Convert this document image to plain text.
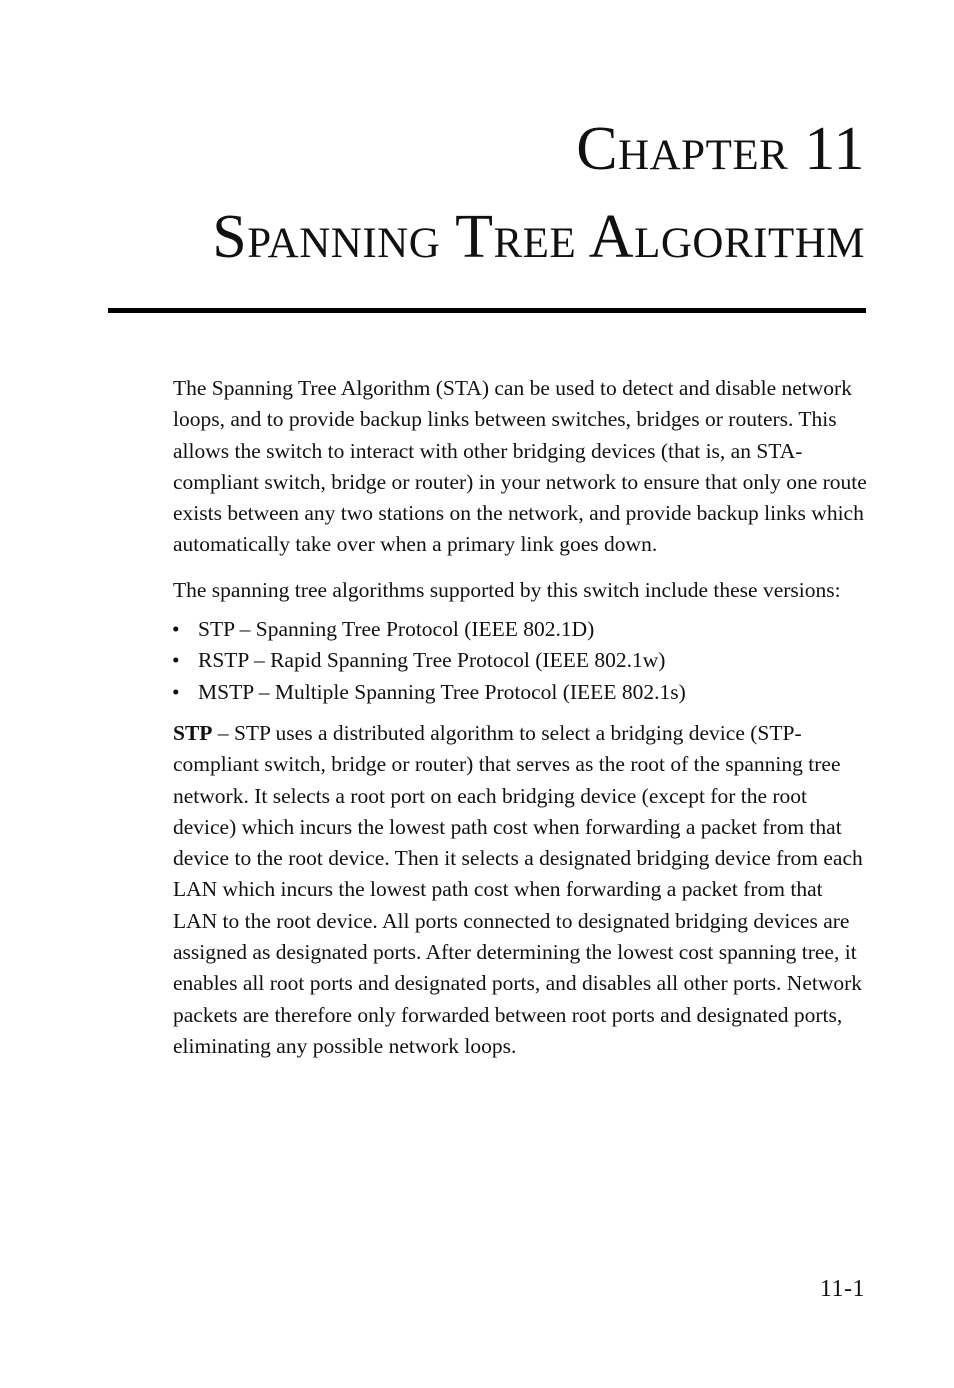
Chapter 11
Spanning Tree Algorithm

The Spanning Tree Algorithm (STA) can be used to detect and disable network loops, and to provide backup links between switches, bridges or routers. This allows the switch to interact with other bridging devices (that is, an STA-compliant switch, bridge or router) in your network to ensure that only one route exists between any two stations on the network, and provide backup links which automatically take over when a primary link goes down.

The spanning tree algorithms supported by this switch include these versions:

• STP – Spanning Tree Protocol (IEEE 802.1D)
• RSTP – Rapid Spanning Tree Protocol (IEEE 802.1w)
• MSTP – Multiple Spanning Tree Protocol (IEEE 802.1s)

STP – STP uses a distributed algorithm to select a bridging device (STP-compliant switch, bridge or router) that serves as the root of the spanning tree network. It selects a root port on each bridging device (except for the root device) which incurs the lowest path cost when forwarding a packet from that device to the root device. Then it selects a designated bridging device from each LAN which incurs the lowest path cost when forwarding a packet from that LAN to the root device. All ports connected to designated bridging devices are assigned as designated ports. After determining the lowest cost spanning tree, it enables all root ports and designated ports, and disables all other ports. Network packets are therefore only forwarded between root ports and designated ports, eliminating any possible network loops.

11-1
